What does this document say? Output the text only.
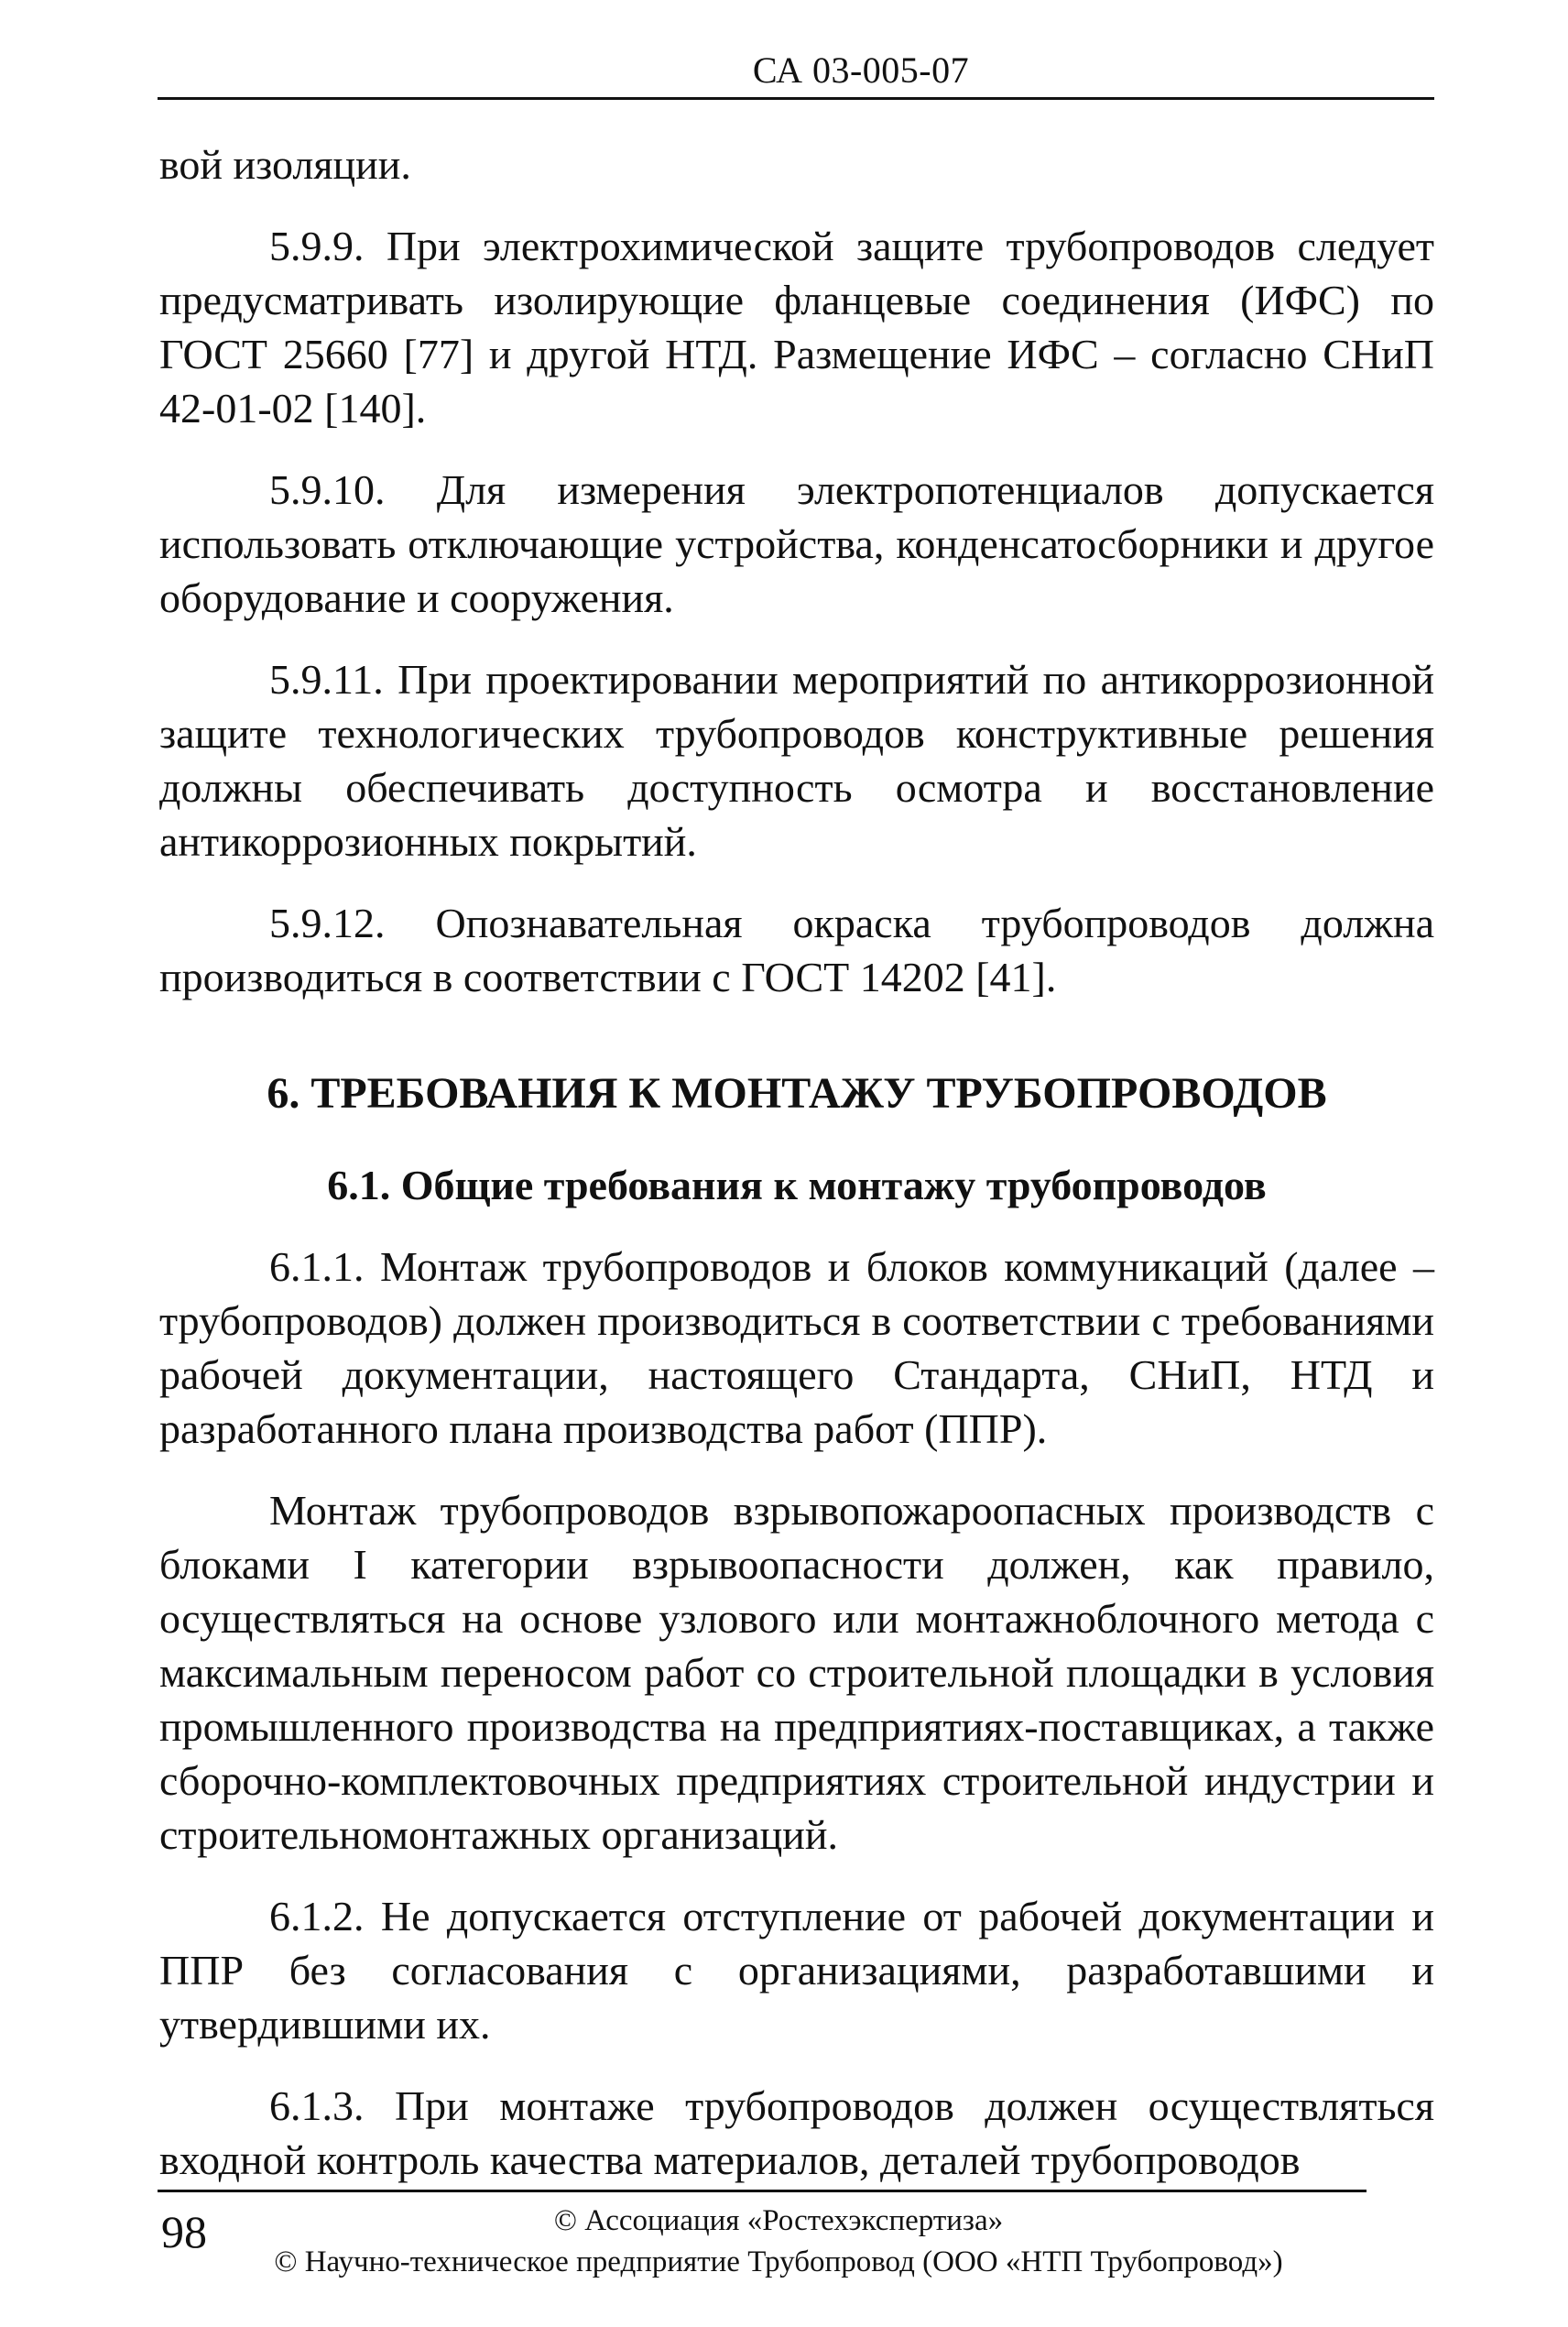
СА 03-005-07

вой изоляции.

5.9.9. При электрохимической защите трубопроводов следует предусматривать изолирующие фланцевые соединения (ИФС) по ГОСТ 25660 [77] и другой НТД. Размещение ИФС – согласно СНиП 42-01-02 [140].

5.9.10. Для измерения электропотенциалов допускается использовать отключающие устройства, конденсатосборники и другое оборудование и сооружения.

5.9.11. При проектировании мероприятий по антикоррозионной защите технологических трубопроводов конструктивные решения должны обеспечивать доступность осмотра и восстановление антикоррозионных покрытий.

5.9.12. Опознавательная окраска трубопроводов должна производиться в соответствии с ГОСТ 14202 [41].

6. ТРЕБОВАНИЯ К МОНТАЖУ ТРУБОПРОВОДОВ
6.1. Общие требования к монтажу трубопроводов

6.1.1. Монтаж трубопроводов и блоков коммуникаций (далее – трубопроводов) должен производиться в соответствии с требованиями рабочей документации, настоящего Стандарта, СНиП, НТД и разработанного плана производства работ (ППР).

Монтаж трубопроводов взрывопожароопасных производств с блоками I категории взрывоопасности должен, как правило, осуществляться на основе узлового или монтажноблочного метода с максимальным переносом работ со строительной площадки в условия промышленного производства на предприятиях-поставщиках, а также сборочно-комплектовочных предприятиях строительной индустрии и строительномонтажных организаций.

6.1.2. Не допускается отступление от рабочей документации и ППР без согласования с организациями, разработавшими и утвердившими их.

6.1.3. При монтаже трубопроводов должен осуществляться входной контроль качества материалов, деталей трубопроводов

98	© Ассоциация «Ростехэкспертиза»
© Научно-техническое предприятие Трубопровод (ООО «НТП Трубопровод»)
